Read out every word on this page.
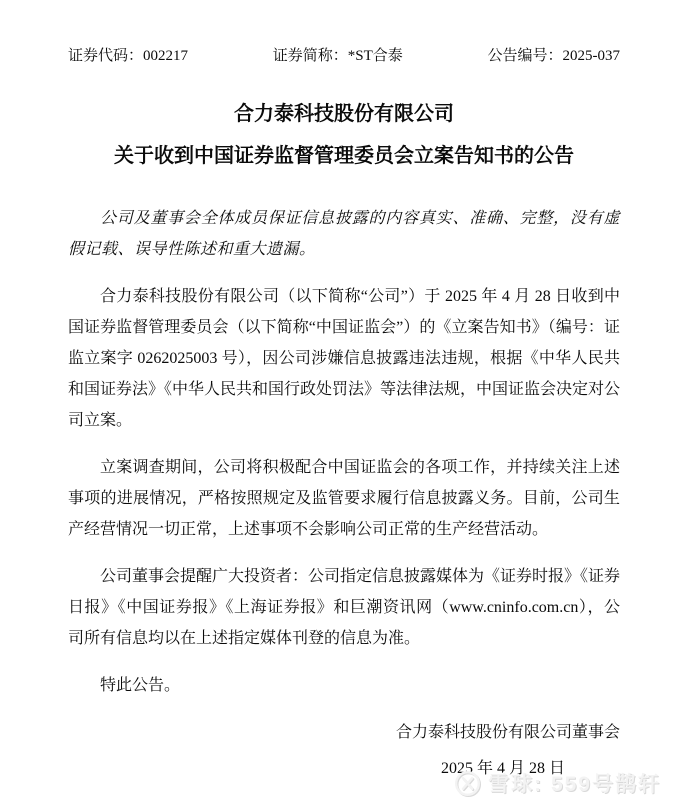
证券代码：002217	证券简称：*ST合泰	公告编号：2025-037
合力泰科技股份有限公司
关于收到中国证券监督管理委员会立案告知书的公告

公司及董事会全体成员保证信息披露的内容真实、准确、完整，没有虚假记载、误导性陈述和重大遗漏。

合力泰科技股份有限公司（以下简称“公司”）于 2025 年 4 月 28 日收到中国证券监督管理委员会（以下简称“中国证监会”）的《立案告知书》（编号：证监立案字 0262025003 号），因公司涉嫌信息披露违法违规，根据《中华人民共和国证券法》《中华人民共和国行政处罚法》等法律法规，中国证监会决定对公司立案。

立案调查期间，公司将积极配合中国证监会的各项工作，并持续关注上述事项的进展情况，严格按照规定及监管要求履行信息披露义务。目前，公司生产经营情况一切正常，上述事项不会影响公司正常的生产经营活动。

公司董事会提醒广大投资者：公司指定信息披露媒体为《证券时报》《证券日报》《中国证券报》《上海证券报》和巨潮资讯网（www.cninfo.com.cn），公司所有信息均以在上述指定媒体刊登的信息为准。

特此公告。

合力泰科技股份有限公司董事会
2025 年 4 月 28 日
雪球: 559号鹊轩
